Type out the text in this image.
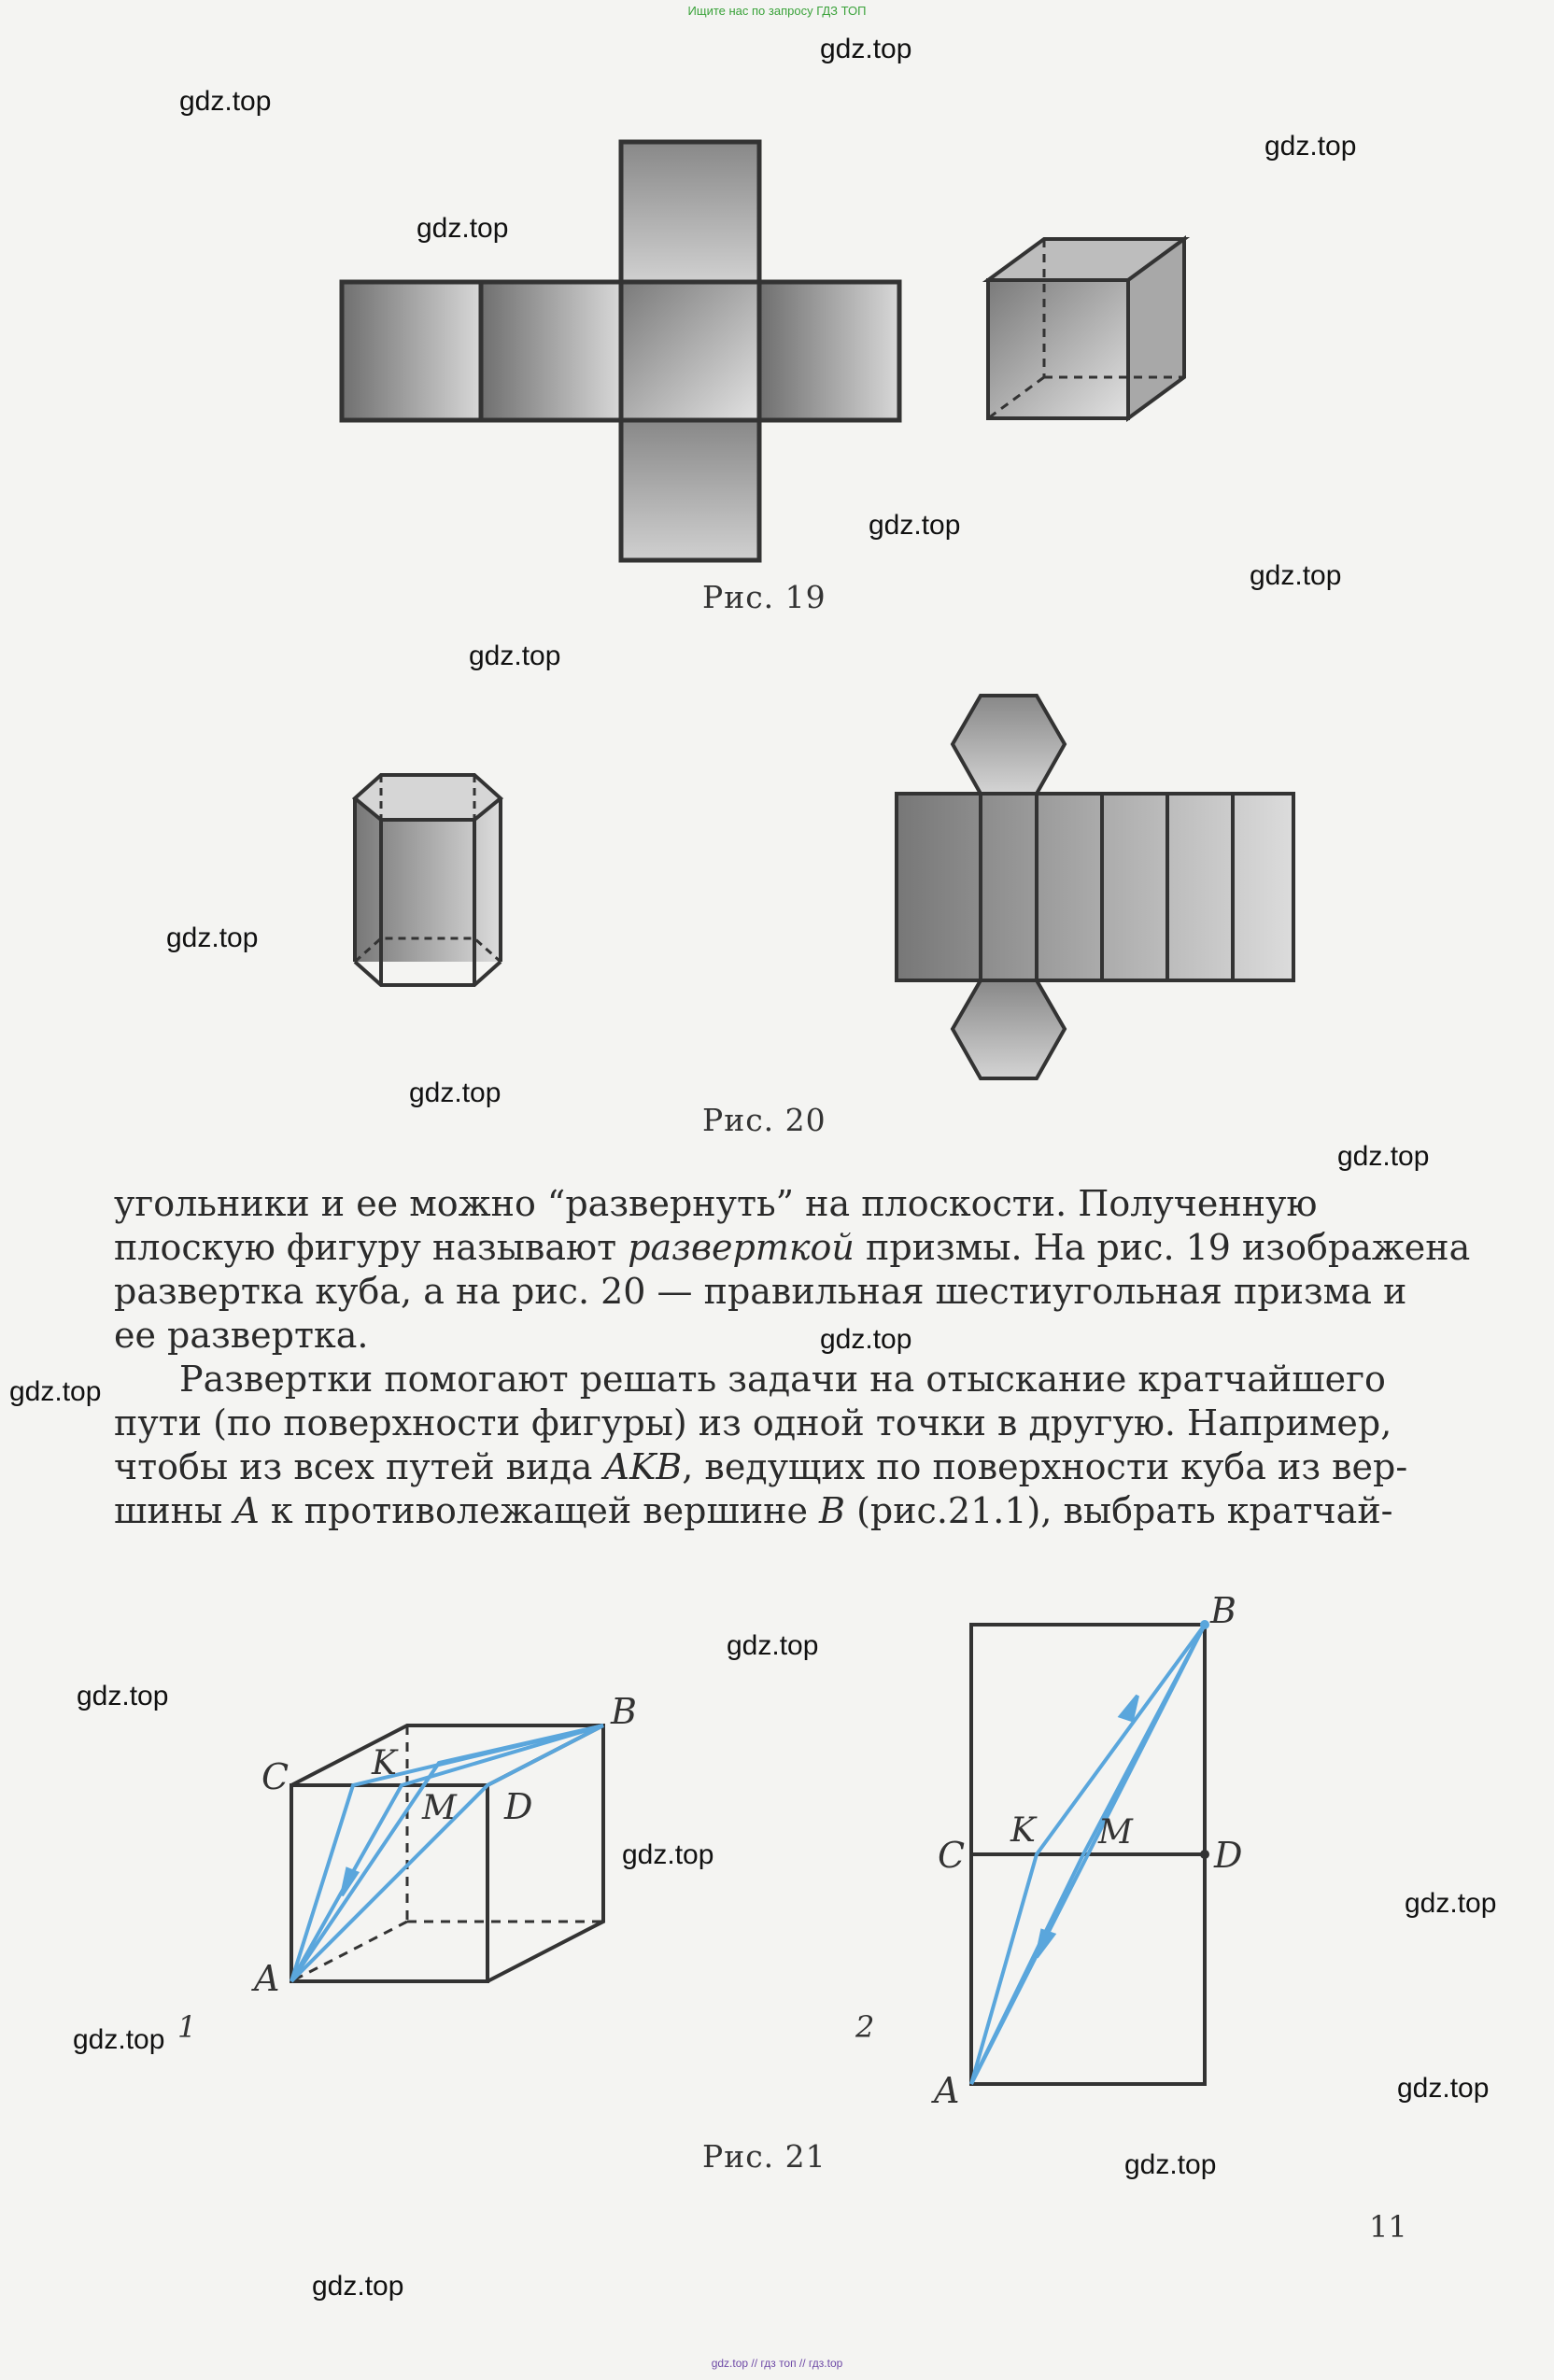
Ищите нас по запросу ГДЗ ТОП
Рис. 19
Рис. 20
угольники и ее можно “развернуть” на плоскости. Полученную
плоскую фигуру называют разверткой призмы. На рис. 19 изображена
развертка куба, а на рис. 20 — правильная шестиугольная призма и
ее развертка.
Развертки помогают решать задачи на отыскание кратчайшего
пути (по поверхности фигуры) из одной точки в другую. Например,
чтобы из всех путей вида AKB, ведущих по поверхности куба из вер-
шины A к противолежащей вершине B (рис.21.1), выбрать кратчай-
C K
M D
B
A
1
B
C
K M
D
A
2
Рис. 21
11
gdz.top
gdz.top
gdz.top
gdz.top
gdz.top
gdz.top
gdz.top
gdz.top
gdz.top
gdz.top
gdz.top
gdz.top
gdz.top
gdz.top
gdz.top
gdz.top
gdz.top
gdz.top
gdz.top
gdz.top
gdz.top // гдз топ // гдз.top
